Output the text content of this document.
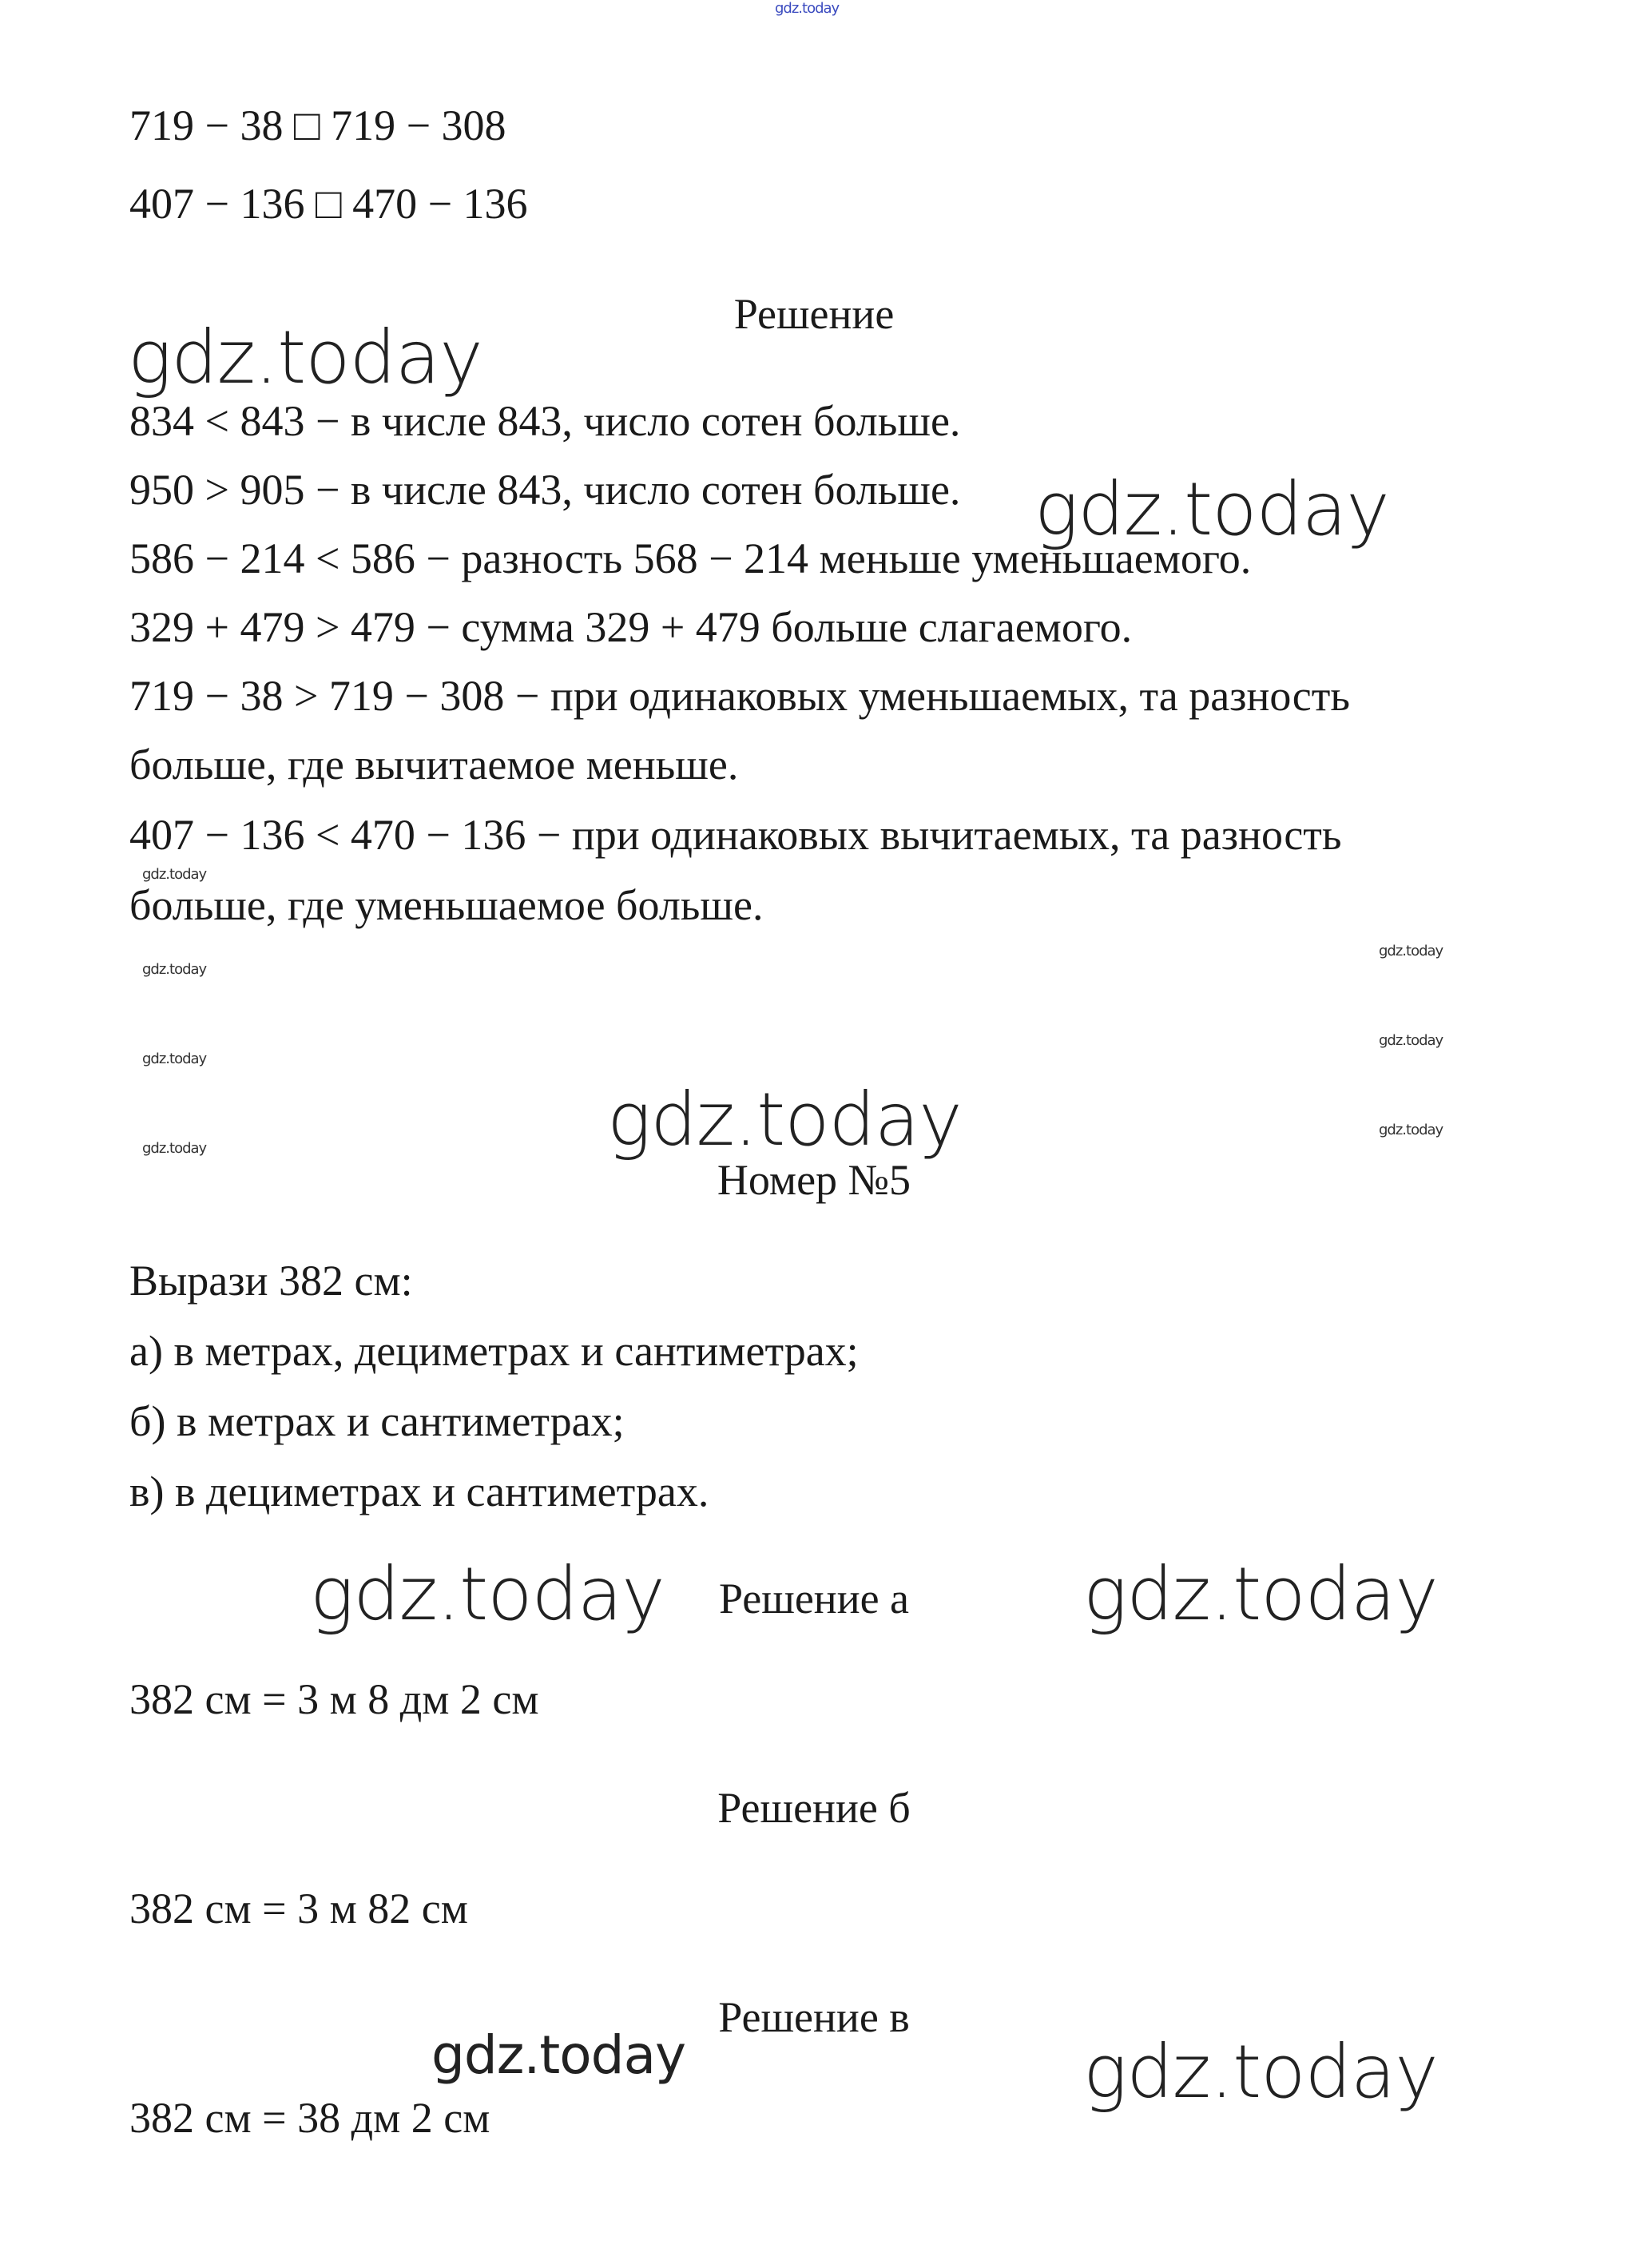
gdz.today
719 − 38 □ 719 − 308
407 − 136 □ 470 − 136
Решение
gdz.today
834 < 843 − в числе 843, число сотен больше.
950 > 905 − в числе 843, число сотен больше. gdz.today
586 − 214 < 586 − разность 568 − 214 меньше уменьшаемого.
329 + 479 > 479 − сумма 329 + 479 больше слагаемого.
719 − 38 > 719 − 308 − при одинаковых уменьшаемых, та разность
больше, где вычитаемое меньше.
407 − 136 < 470 − 136 − при одинаковых вычитаемых, та разность
больше, где уменьшаемое больше.
gdz.today
gdz.today
gdz.today
gdz.today
gdz.today
gdz.today
gdz.today
gdz.today
Номер №5
Вырази 382 см:
а) в метрах, дециметрах и сантиметрах;
б) в метрах и сантиметрах;
в) в дециметрах и сантиметрах.
gdz.today	Решение а	gdz.today
382 см = 3 м 8 дм 2 см
Решение б
382 см = 3 м 82 см
Решение в
gdz.today	gdz.today
382 см = 38 дм 2 см
